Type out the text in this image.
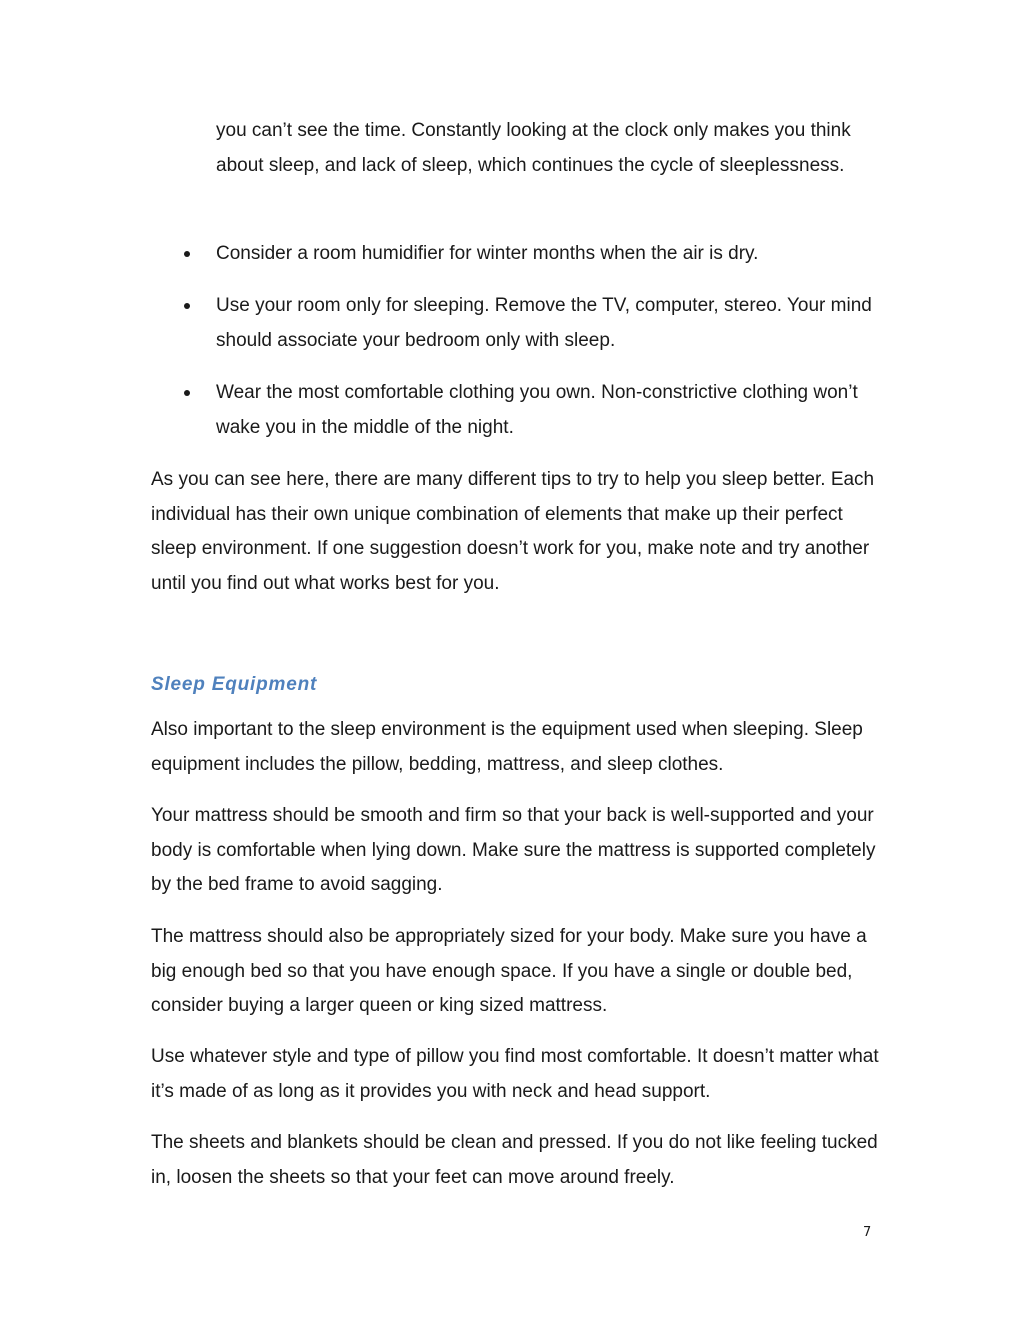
you can’t see the time. Constantly looking at the clock only makes you think about sleep, and lack of sleep, which continues the cycle of sleeplessness.

Consider a room humidifier for winter months when the air is dry.
Use your room only for sleeping. Remove the TV, computer, stereo. Your mind should associate your bedroom only with sleep.
Wear the most comfortable clothing you own. Non-constrictive clothing won’t wake you in the middle of the night.

As you can see here, there are many different tips to try to help you sleep better. Each individual has their own unique combination of elements that make up their perfect sleep environment. If one suggestion doesn’t work for you, make note and try another until you find out what works best for you.

Sleep Equipment

Also important to the sleep environment is the equipment used when sleeping. Sleep equipment includes the pillow, bedding, mattress, and sleep clothes.

Your mattress should be smooth and firm so that your back is well-supported and your body is comfortable when lying down. Make sure the mattress is supported completely by the bed frame to avoid sagging.

The mattress should also be appropriately sized for your body. Make sure you have a big enough bed so that you have enough space. If you have a single or double bed, consider buying a larger queen or king sized mattress.

Use whatever style and type of pillow you find most comfortable. It doesn’t matter what it’s made of as long as it provides you with neck and head support.

The sheets and blankets should be clean and pressed. If you do not like feeling tucked in, loosen the sheets so that your feet can move around freely.

7
